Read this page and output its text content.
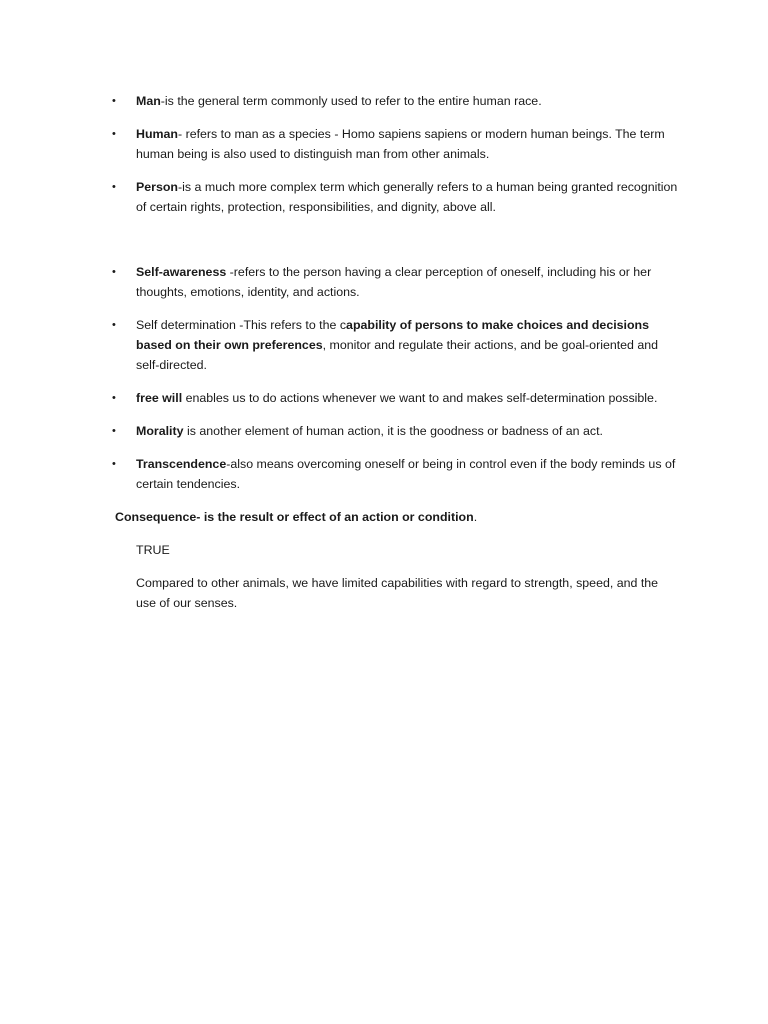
• Man-is the general term commonly used to refer to the entire human race.
• Human- refers to man as a species - Homo sapiens sapiens or modern human beings. The term human being is also used to distinguish man from other animals.
• Person-is a much more complex term which generally refers to a human being granted recognition of certain rights, protection, responsibilities, and dignity, above all.
• Self-awareness -refers to the person having a clear perception of oneself, including his or her thoughts, emotions, identity, and actions.
• Self determination -This refers to the capability of persons to make choices and decisions based on their own preferences, monitor and regulate their actions, and be goal-oriented and self-directed.
• free will enables us to do actions whenever we want to and makes self-determination possible.
• Morality is another element of human action, it is the goodness or badness of an act.
• Transcendence-also means overcoming oneself or being in control even if the body reminds us of certain tendencies.
Consequence- is the result or effect of an action or condition.
TRUE
Compared to other animals, we have limited capabilities with regard to strength, speed, and the use of our senses.
